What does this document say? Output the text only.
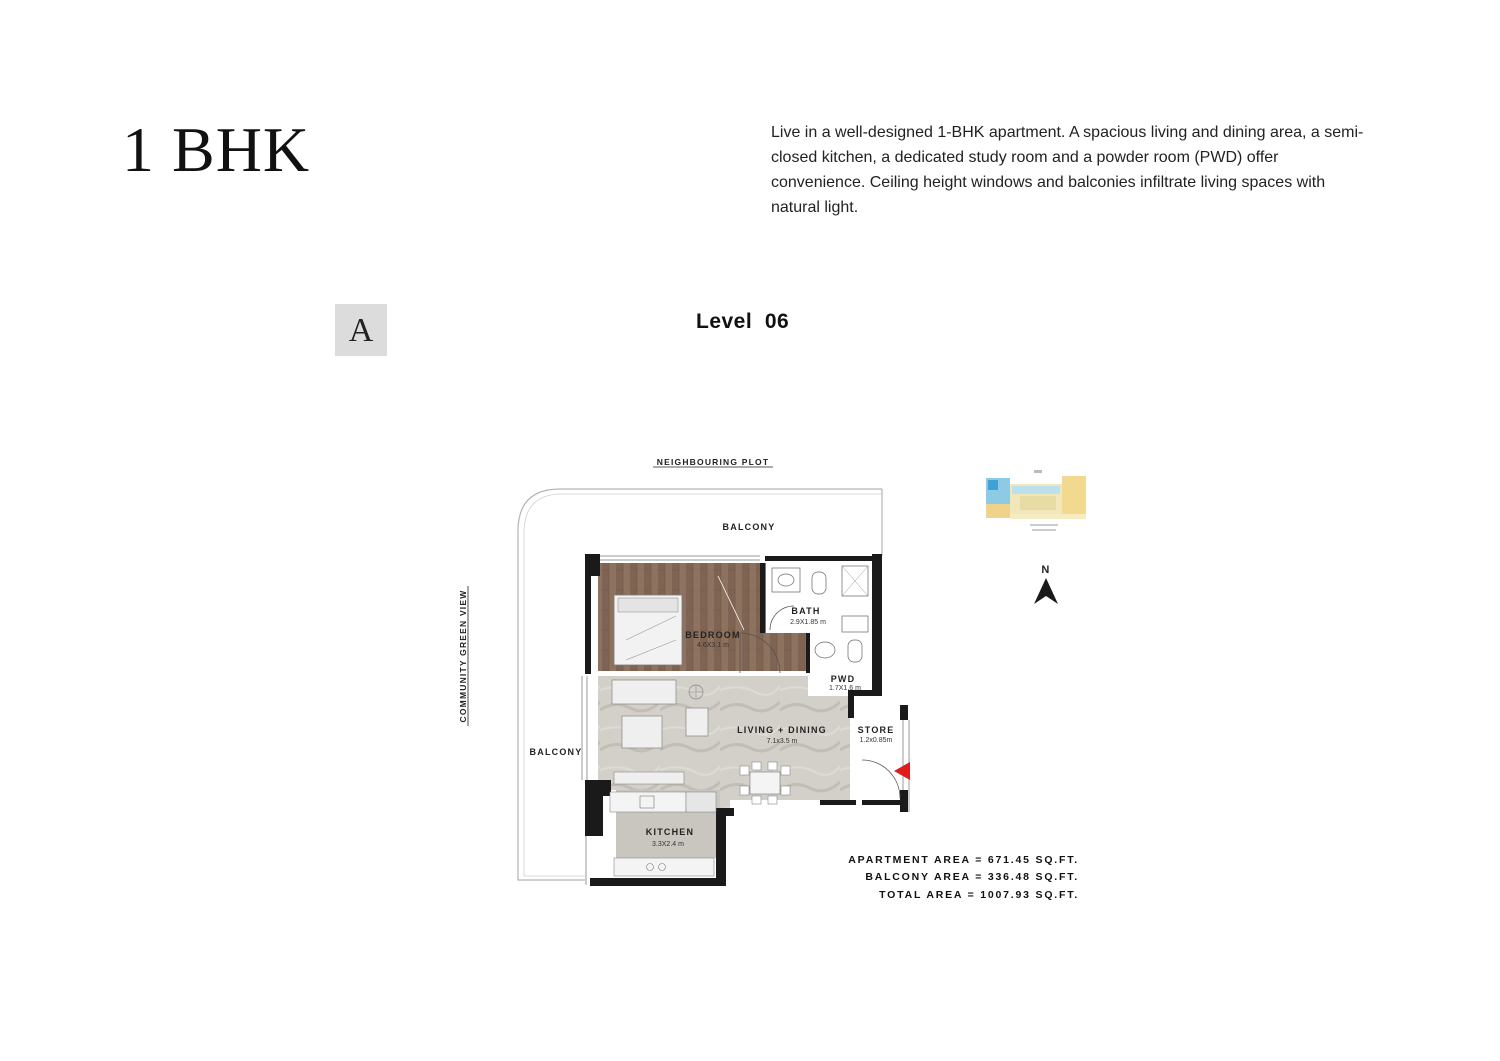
1 BHK	Live in a well-designed 1-BHK apartment. A spacious living and dining area, a semi-closed kitchen, a dedicated study room and a powder room (PWD) offer convenience. Ceiling height windows and balconies infiltrate living spaces with natural light.
A	Level  06
NEIGHBOURING PLOT
COMMUNITY GREEN VIEW
BALCONY
BALCONY
BEDROOM
4.6X3.1 m
BATH
2.9X1.85 m
PWD
1.7X1.6 m
LIVING + DINING
7.1x3.5 m
STORE
1.2x0.85m
KITCHEN
3.3X2.4 m
N
APARTMENT AREA = 671.45 SQ.FT.
BALCONY AREA = 336.48 SQ.FT.
TOTAL AREA = 1007.93 SQ.FT.
